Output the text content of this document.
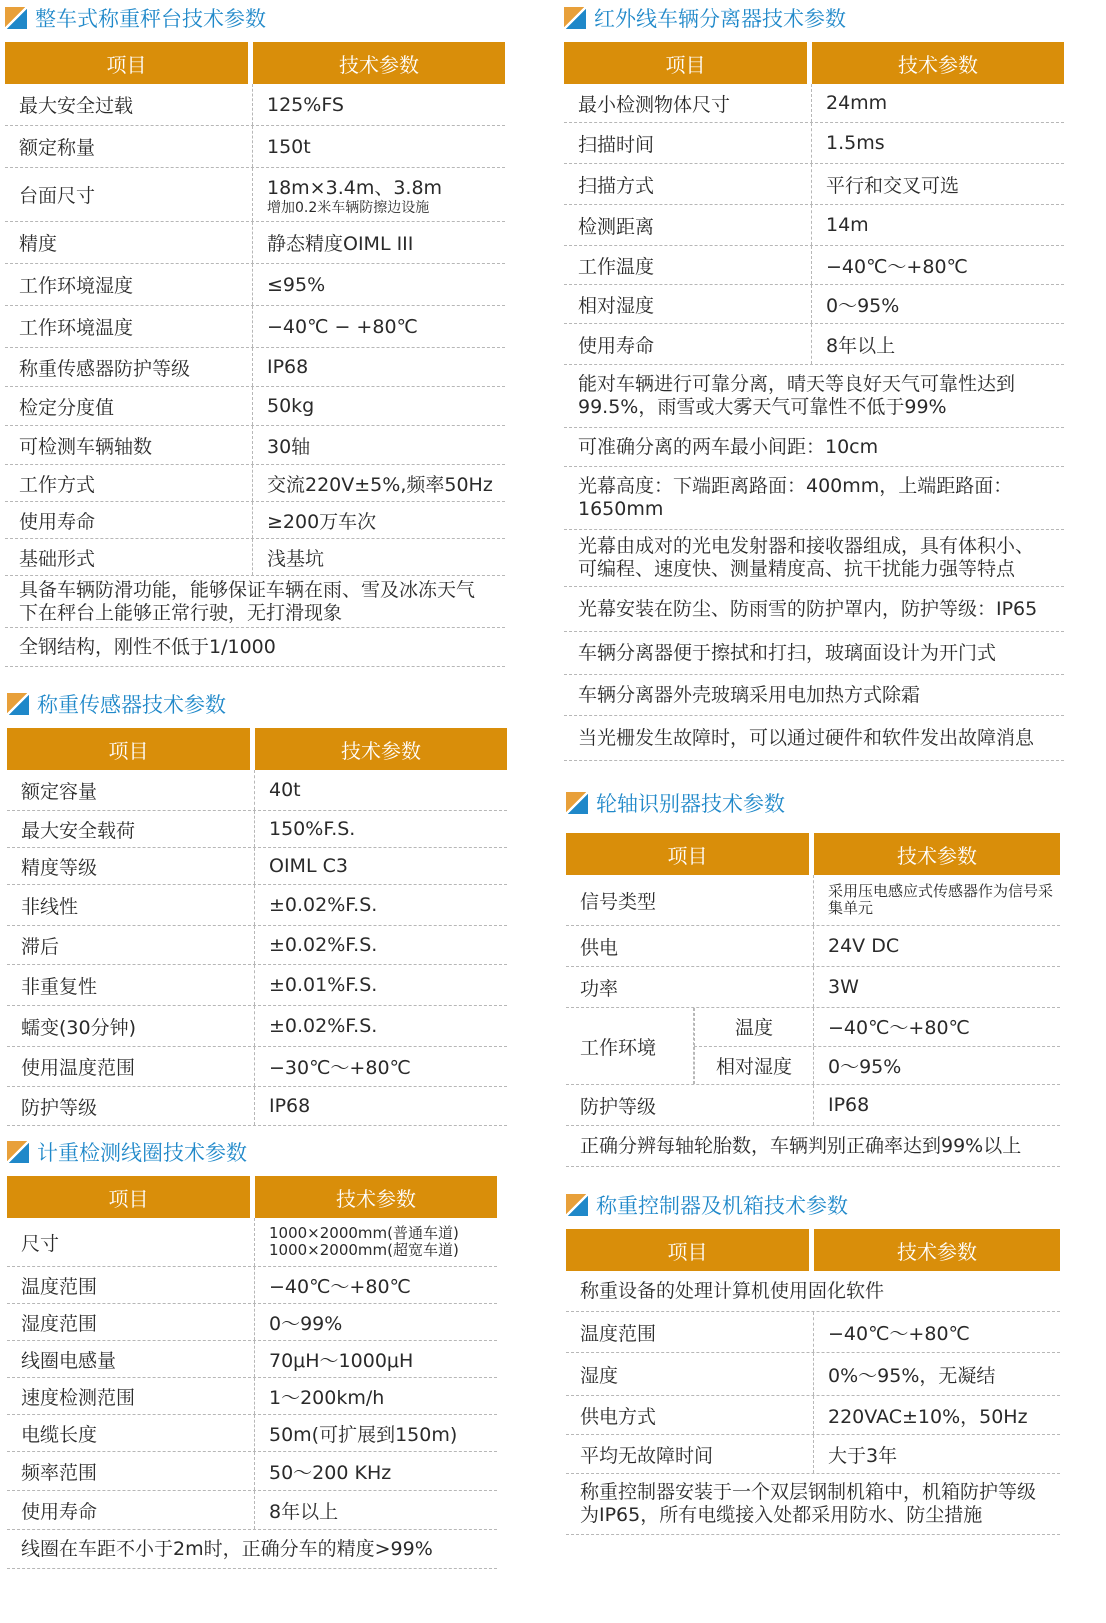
整车式称重秤台技术参数
项目	技术参数
最大安全过载	125%FS
额定称量	150t
台面尺寸	18m×3.4m、3.8m
增加0.2米车辆防擦边设施
精度	静态精度OIML III
工作环境湿度	≤95%
工作环境温度	−40℃ − +80℃
称重传感器防护等级	IP68
检定分度值	50kg
可检测车辆轴数	30轴
工作方式	交流220V±5%,频率50Hz
使用寿命	≥200万车次
基础形式	浅基坑
具备车辆防滑功能，能够保证车辆在雨、雪及冰冻天气下在秤台上能够正常行驶，无打滑现象
全钢结构，刚性不低于1/1000
称重传感器技术参数
项目	技术参数
额定容量	40t
最大安全载荷	150%F.S.
精度等级	OIML C3
非线性	±0.02%F.S.
滞后	±0.02%F.S.
非重复性	±0.01%F.S.
蠕变(30分钟)	±0.02%F.S.
使用温度范围	−30℃～+80℃
防护等级	IP68
计重检测线圈技术参数
项目	技术参数
尺寸	1000×2000mm(普通车道)
1000×2000mm(超宽车道)
温度范围	−40℃～+80℃
湿度范围	0～99%
线圈电感量	70μH～1000μH
速度检测范围	1～200km/h
电缆长度	50m(可扩展到150m)
频率范围	50～200 KHz
使用寿命	8年以上
线圈在车距不小于2m时，正确分车的精度>99%
红外线车辆分离器技术参数
项目	技术参数
最小检测物体尺寸	24mm
扫描时间	1.5ms
扫描方式	平行和交叉可选
检测距离	14m
工作温度	−40℃～+80℃
相对湿度	0～95%
使用寿命	8年以上
能对车辆进行可靠分离，晴天等良好天气可靠性达到99.5%，雨雪或大雾天气可靠性不低于99%
可准确分离的两车最小间距：10cm
光幕高度：下端距离路面：400mm，上端距路面：1650mm
光幕由成对的光电发射器和接收器组成，具有体积小、可编程、速度快、测量精度高、抗干扰能力强等特点
光幕安装在防尘、防雨雪的防护罩内，防护等级：IP65
车辆分离器便于擦拭和打扫，玻璃面设计为开门式
车辆分离器外壳玻璃采用电加热方式除霜
当光栅发生故障时，可以通过硬件和软件发出故障消息
轮轴识别器技术参数
项目	技术参数
信号类型	采用压电感应式传感器作为信号采集单元
供电	24V DC
功率	3W
工作环境
温度	−40℃～+80℃
相对湿度	0～95%
防护等级	IP68
正确分辨每轴轮胎数，车辆判别正确率达到99%以上
称重控制器及机箱技术参数
项目	技术参数
称重设备的处理计算机使用固化软件
温度范围	−40℃～+80℃
湿度	0%～95%，无凝结
供电方式	220VAC±10%，50Hz
平均无故障时间	大于3年
称重控制器安装于一个双层钢制机箱中，机箱防护等级为IP65，所有电缆接入处都采用防水、防尘措施
